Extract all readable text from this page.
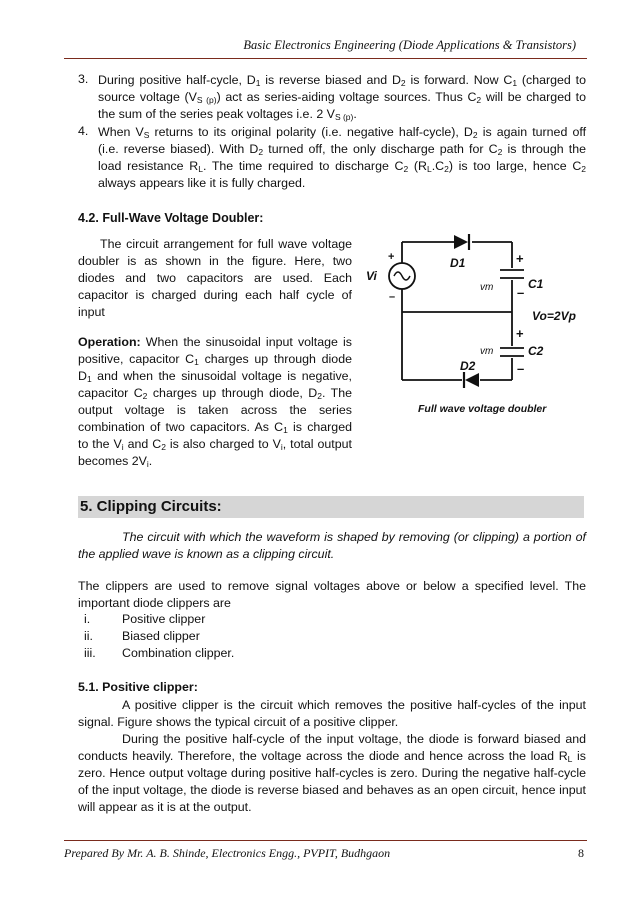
Basic Electronics Engineering (Diode Applications & Transistors)
3. During positive half-cycle, $D_1$ is reverse biased and $D_2$ is forward. Now $C_1$ (charged to source voltage $(V_{S (p)})$ act as series-aiding voltage sources. Thus $C_2$ will be charged to the sum of the series peak voltages i.e. 2 $V_{S (p)}$.
4. When $V_S$ returns to its original polarity (i.e. negative half-cycle), $D_2$ is again turned off (i.e. reverse biased). With $D_2$ turned off, the only discharge path for $C_2$ is through the load resistance $R_L$. The time required to discharge $C_2$ $(R_L.C_2)$ is too large, hence $C_2$ always appears like it is fully charged.
4.2. Full-Wave Voltage Doubler:
The circuit arrangement for full wave voltage doubler is as shown in the figure. Here, two diodes and two capacitors are used. Each capacitor is charged during each half cycle of input
Operation: When the sinusoidal input voltage is positive, capacitor $C_1$ charges up through diode $D_1$ and when the sinusoidal voltage is negative, capacitor $C_2$ charges up through diode, $D_2$. The output voltage is taken across the series combination of two capacitors. As $C_1$ is charged to the $V_i$ and $C_2$ is also charged to $V_i$, total output becomes $2V_i$.
D1
D2
C1
C2
Vi
vm
vm
Vo=2Vp
Full wave voltage doubler
+
–
+
–
+
–
5. Clipping Circuits:
The circuit with which the waveform is shaped by removing (or clipping) a portion of the applied wave is known as a clipping circuit.
The clippers are used to remove signal voltages above or below a specified level. The important diode clippers are
i.	Positive clipper
ii.	Biased clipper
iii.	Combination clipper.
5.1. Positive clipper:
A positive clipper is the circuit which removes the positive half-cycles of the input signal. Figure shows the typical circuit of a positive clipper.
During the positive half-cycle of the input voltage, the diode is forward biased and conducts heavily. Therefore, the voltage across the diode and hence across the load $R_L$ is zero. Hence output voltage during positive half-cycles is zero. During the negative half-cycle of the input voltage, the diode is reverse biased and behaves as an open circuit, hence input will appear as it is at the output.
Prepared By Mr. A. B. Shinde, Electronics Engg., PVPIT, Budhgaon	8
